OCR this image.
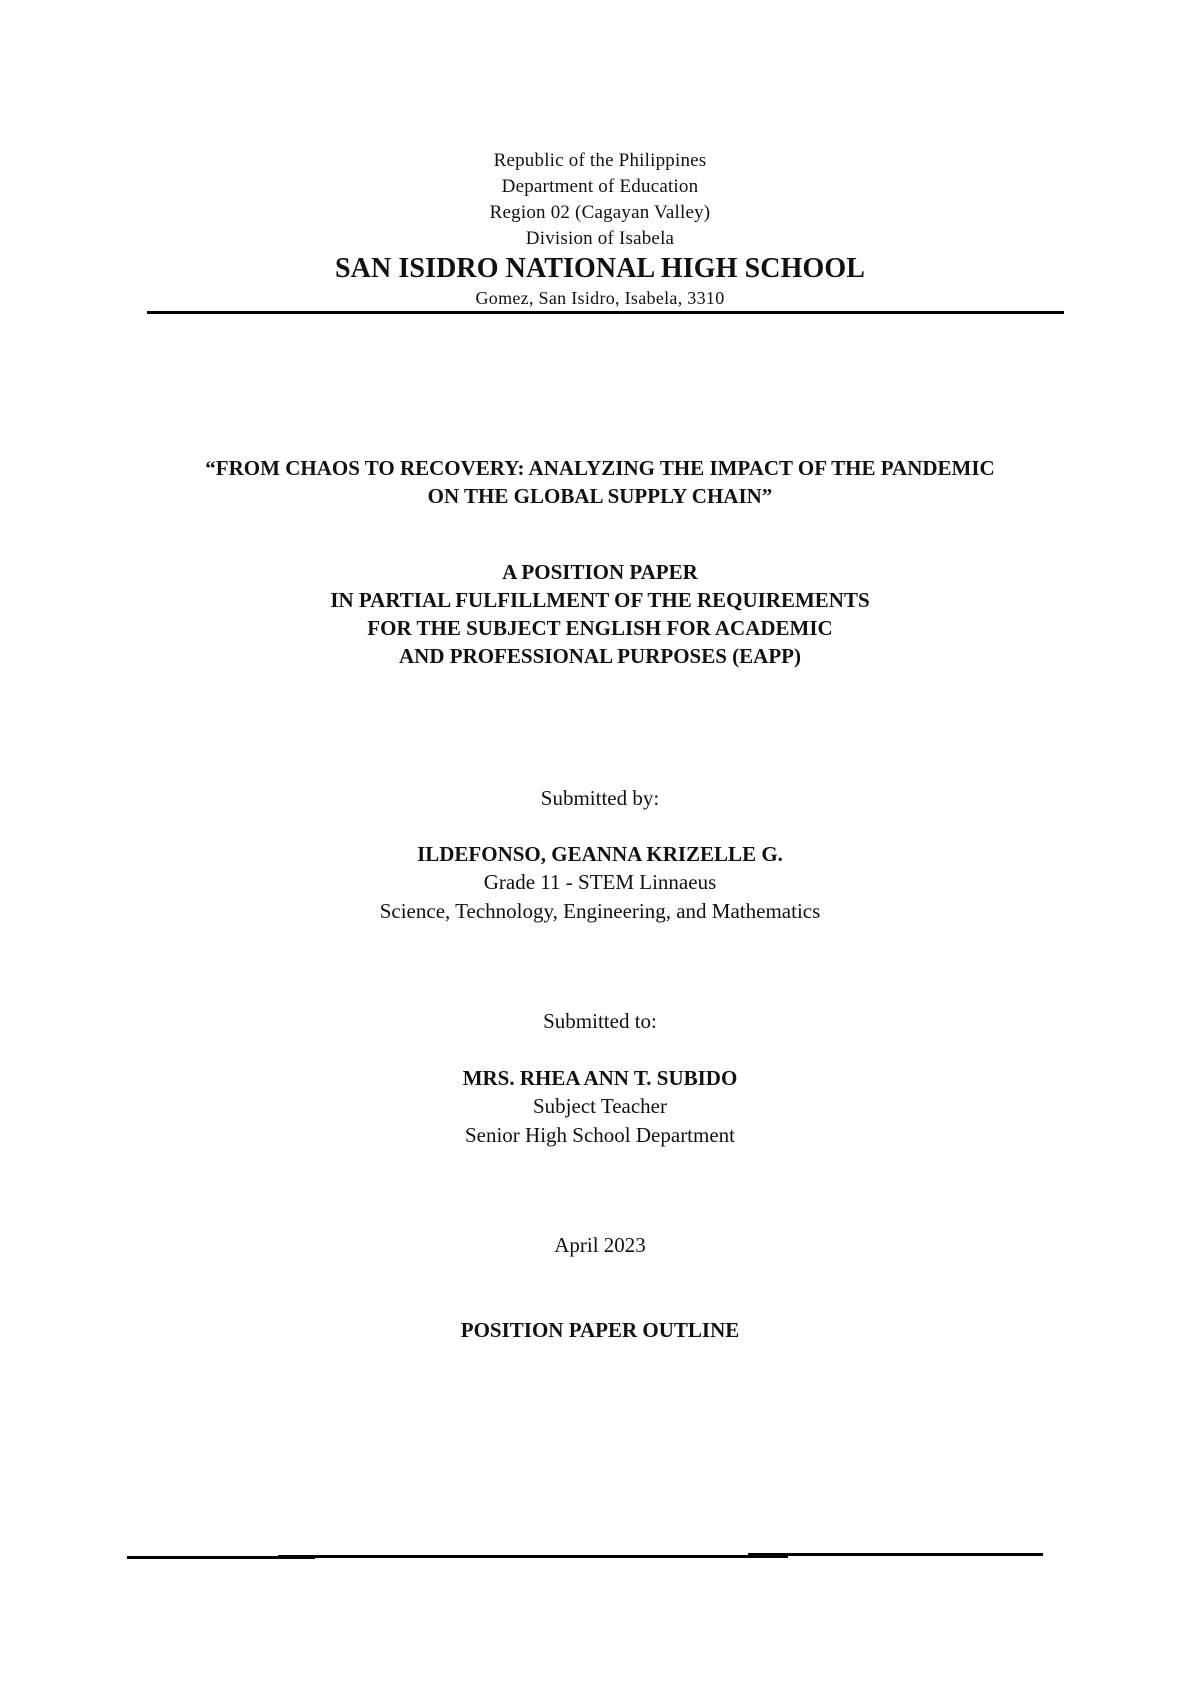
Republic of the Philippines
Department of Education
Region 02 (Cagayan Valley)
Division of Isabela
SAN ISIDRO NATIONAL HIGH SCHOOL
Gomez, San Isidro, Isabela, 3310
“FROM CHAOS TO RECOVERY: ANALYZING THE IMPACT OF THE PANDEMIC
ON THE GLOBAL SUPPLY CHAIN”
A POSITION PAPER
IN PARTIAL FULFILLMENT OF THE REQUIREMENTS
FOR THE SUBJECT ENGLISH FOR ACADEMIC
AND PROFESSIONAL PURPOSES (EAPP)
Submitted by:
ILDEFONSO, GEANNA KRIZELLE G.
Grade 11 - STEM Linnaeus
Science, Technology, Engineering, and Mathematics
Submitted to:
MRS. RHEA ANN T. SUBIDO
Subject Teacher
Senior High School Department
April 2023
POSITION PAPER OUTLINE
